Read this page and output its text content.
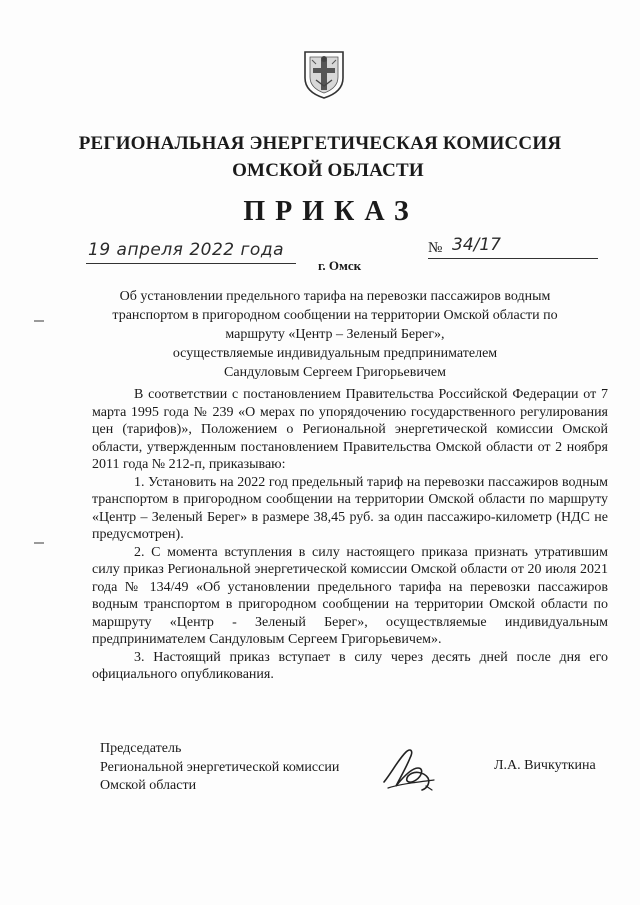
РЕГИОНАЛЬНАЯ ЭНЕРГЕТИЧЕСКАЯ КОМИССИЯ
ОМСКОЙ ОБЛАСТИ
ПРИКАЗ
19 апреля 2022 года
г. Омск
№ 34/17
Об установлении предельного тарифа на перевозки пассажиров водным
транспортом в пригородном сообщении на территории Омской области по
маршруту «Центр – Зеленый Берег»,
осуществляемые индивидуальным предпринимателем
Сандуловым Сергеем Григорьевичем

В соответствии с постановлением Правительства Российской Федерации от 7 марта 1995 года № 239 «О мерах по упорядочению государственного регулирования цен (тарифов)», Положением о Региональной энергетической комиссии Омской области, утвержденным постановлением Правительства Омской области от 2 ноября 2011 года № 212-п, приказываю:

1. Установить на 2022 год предельный тариф на перевозки пассажиров водным транспортом в пригородном сообщении на территории Омской области по маршруту «Центр – Зеленый Берег» в размере 38,45 руб. за один пассажиро-километр (НДС не предусмотрен).

2. С момента вступления в силу настоящего приказа признать утратившим силу приказ Региональной энергетической комиссии Омской области от 20 июля 2021 года № 134/49 «Об установлении предельного тарифа на перевозки пассажиров водным транспортом в пригородном сообщении на территории Омской области по маршруту «Центр - Зеленый Берег», осуществляемые индивидуальным предпринимателем Сандуловым Сергеем Григорьевичем».

3. Настоящий приказ вступает в силу через десять дней после дня его официального опубликования.

Председатель
Региональной энергетической комиссии
Омской области
Л.А. Вичкуткина
